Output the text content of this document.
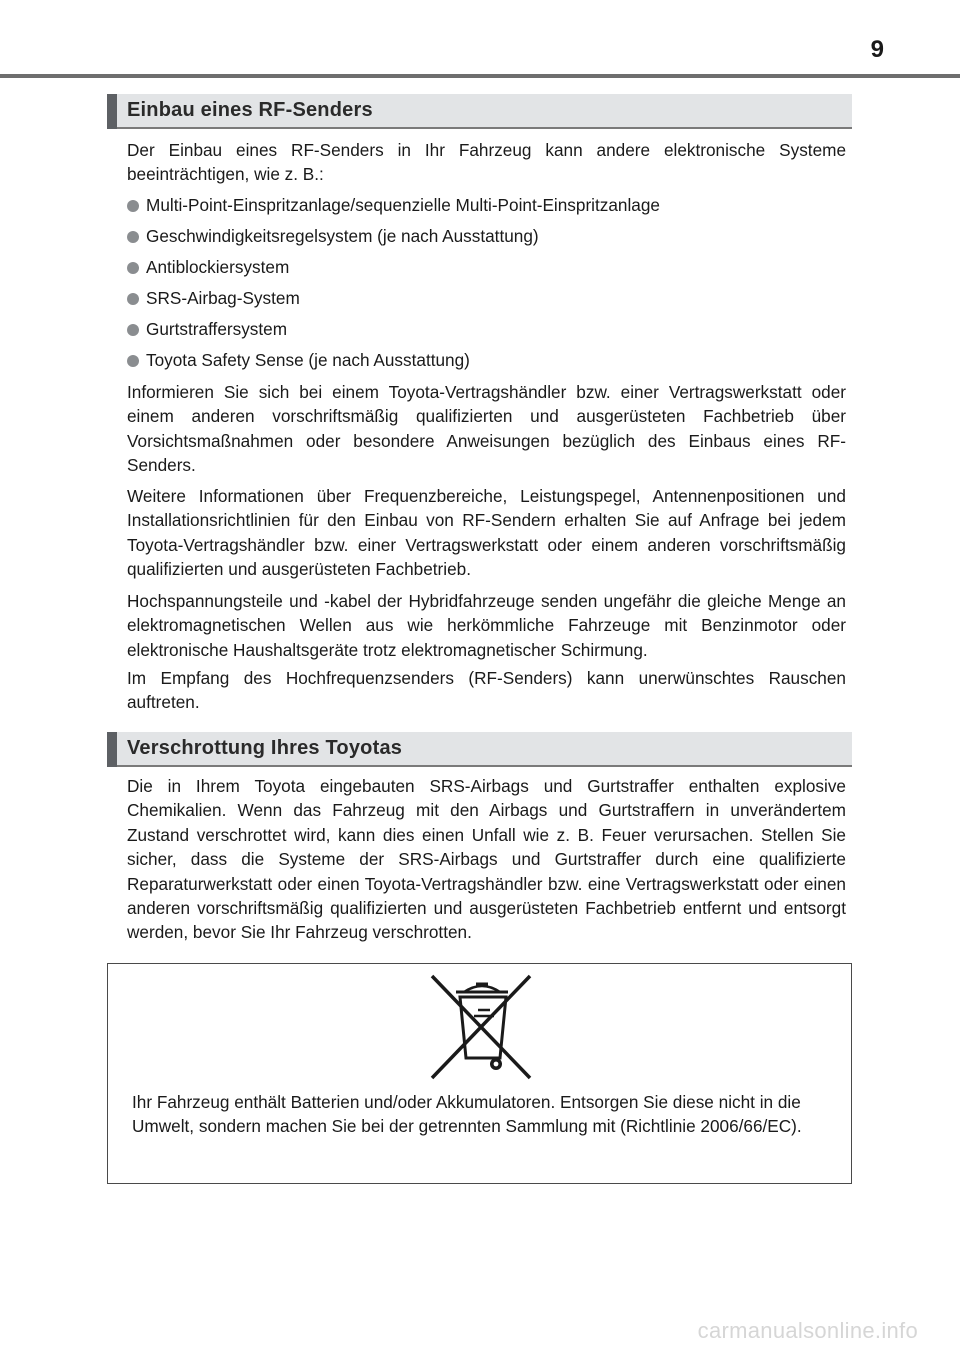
9
Einbau eines RF-Senders
Der Einbau eines RF-Senders in Ihr Fahrzeug kann andere elektronische Systeme beeinträchtigen, wie z. B.:
Multi-Point-Einspritzanlage/sequenzielle Multi-Point-Einspritzanlage
Geschwindigkeitsregelsystem (je nach Ausstattung)
Antiblockiersystem
SRS-Airbag-System
Gurtstraffersystem
Toyota Safety Sense (je nach Ausstattung)
Informieren Sie sich bei einem Toyota-Vertragshändler bzw. einer Vertragswerkstatt oder einem anderen vorschriftsmäßig qualifizierten und ausgerüsteten Fachbetrieb über Vorsichtsmaßnahmen oder besondere Anweisungen bezüglich des Einbaus eines RF-Senders.
Weitere Informationen über Frequenzbereiche, Leistungspegel, Antennenpositionen und Installationsrichtlinien für den Einbau von RF-Sendern erhalten Sie auf Anfrage bei jedem Toyota-Vertragshändler bzw. einer Vertragswerkstatt oder einem anderen vorschriftsmäßig qualifizierten und ausgerüsteten Fachbetrieb.
Hochspannungsteile und -kabel der Hybridfahrzeuge senden ungefähr die gleiche Menge an elektromagnetischen Wellen aus wie herkömmliche Fahrzeuge mit Benzinmotor oder elektronische Haushaltsgeräte trotz elektromagnetischer Schirmung.
Im Empfang des Hochfrequenzsenders (RF-Senders) kann unerwünschtes Rauschen auftreten.
Verschrottung Ihres Toyotas
Die in Ihrem Toyota eingebauten SRS-Airbags und Gurtstraffer enthalten explosive Chemikalien. Wenn das Fahrzeug mit den Airbags und Gurtstraffern in unverändertem Zustand verschrottet wird, kann dies einen Unfall wie z. B. Feuer verursachen. Stellen Sie sicher, dass die Systeme der SRS-Airbags und Gurtstraffer durch eine qualifizierte Reparaturwerkstatt oder einen Toyota-Vertragshändler bzw. eine Vertragswerkstatt oder einen anderen vorschriftsmäßig qualifizierten und ausgerüsteten Fachbetrieb entfernt und entsorgt werden, bevor Sie Ihr Fahrzeug verschrotten.
Ihr Fahrzeug enthält Batterien und/oder Akkumulatoren. Entsorgen Sie diese nicht in die Umwelt, sondern machen Sie bei der getrennten Sammlung mit (Richtlinie 2006/66/EC).
carmanualsonline.info
